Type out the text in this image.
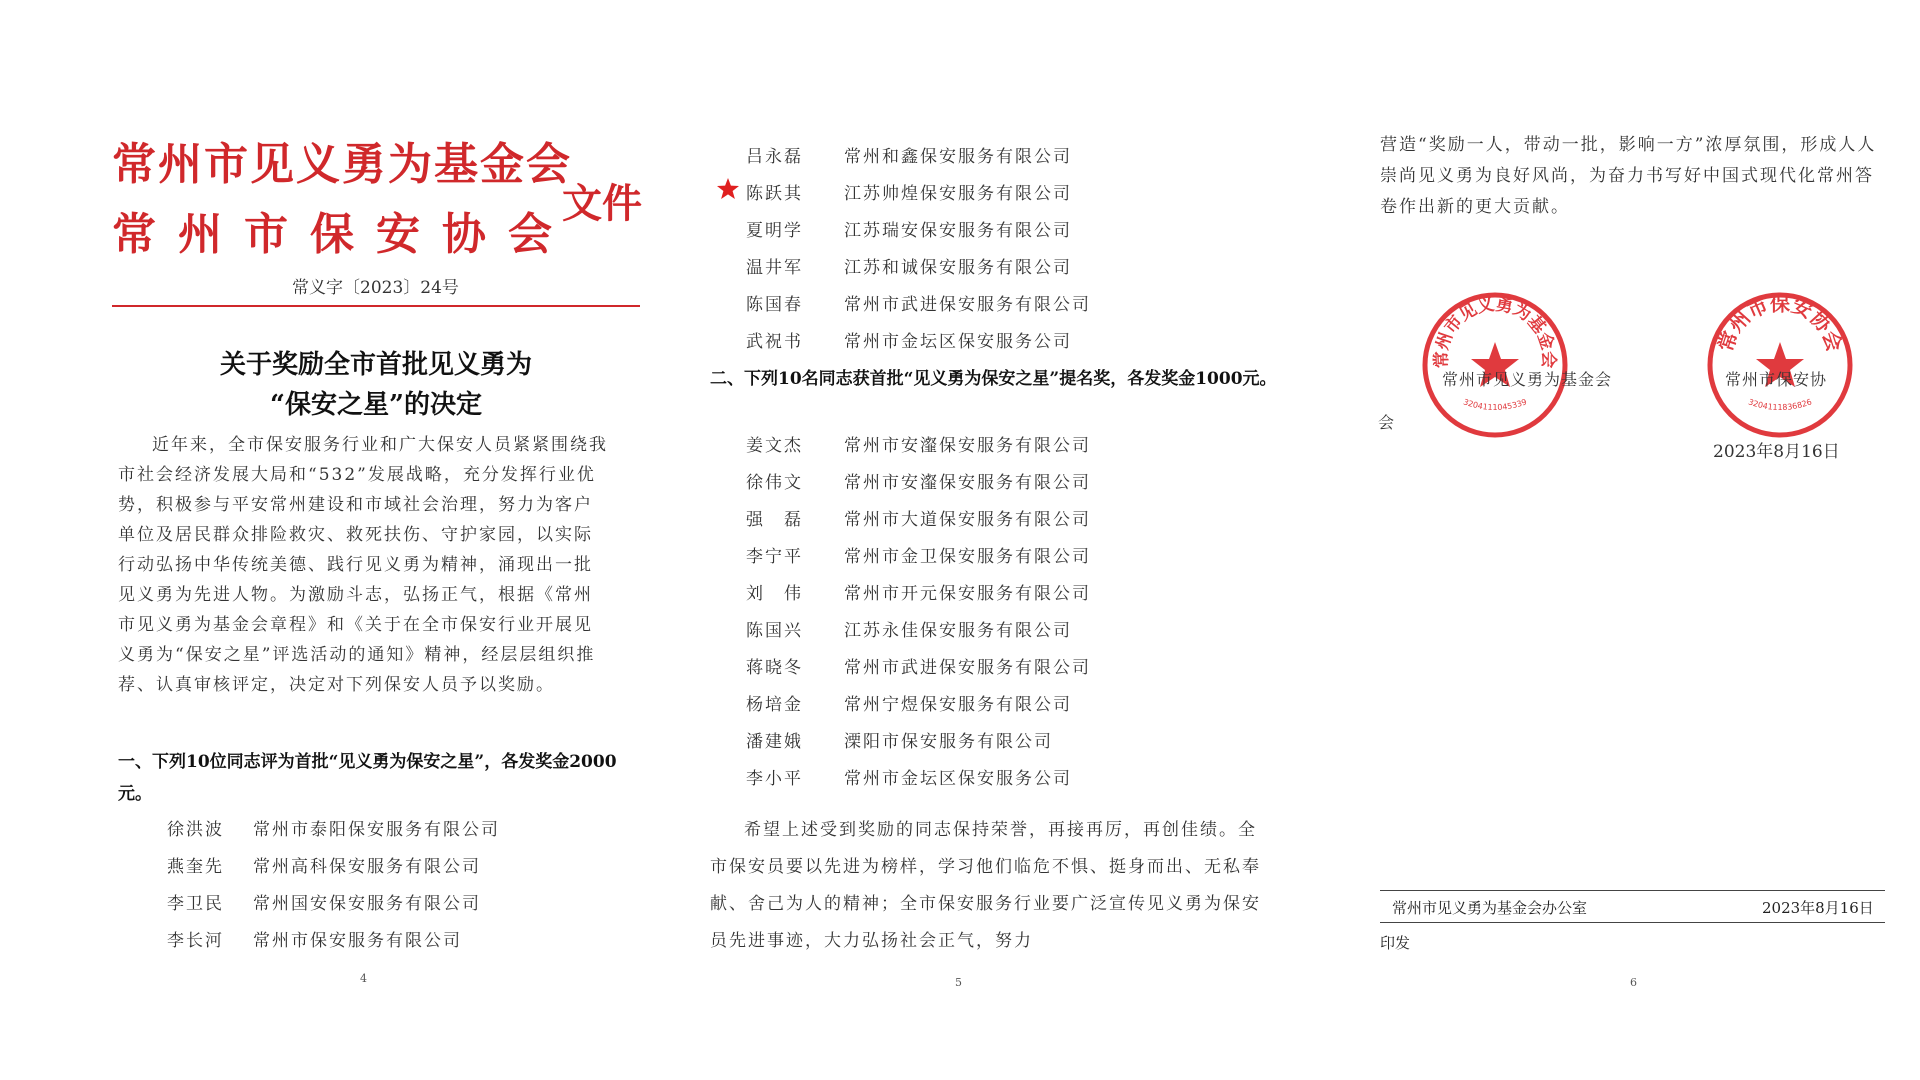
常州市见义勇为基金会
常州市保安协会
文件
常义字〔2023〕24号
关于奖励全市首批见义勇为
“保安之星”的决定

近年来，全市保安服务行业和广大保安人员紧紧围绕我市社会经济发展大局和“532”发展战略，充分发挥行业优势，积极参与平安常州建设和市域社会治理，努力为客户单位及居民群众排险救灾、救死扶伤、守护家园，以实际行动弘扬中华传统美德、践行见义勇为精神，涌现出一批见义勇为先进人物。为激励斗志，弘扬正气，根据《常州市见义勇为基金会章程》和《关于在全市保安行业开展见义勇为“保安之星”评选活动的通知》精神，经层层组织推荐、认真审核评定，决定对下列保安人员予以奖励。

一、下列10位同志评为首批“见义勇为保安之星”，各发奖金2000元。
徐洪波 常州市泰阳保安服务有限公司
燕奎先 常州高科保安服务有限公司
李卫民 常州国安保安服务有限公司
李长河 常州市保安服务有限公司
4
吕永磊 常州和鑫保安服务有限公司
陈跃其 江苏帅煌保安服务有限公司
夏明学 江苏瑞安保安服务有限公司
温井军 江苏和诚保安服务有限公司
陈国春 常州市武进保安服务有限公司
武祝书 常州市金坛区保安服务公司
二、下列10名同志获首批“见义勇为保安之星”提名奖，各发奖金1000元。
姜文杰 常州市安瀣保安服务有限公司
徐伟文 常州市安瀣保安服务有限公司
强　磊 常州市大道保安服务有限公司
李宁平 常州市金卫保安服务有限公司
刘　伟 常州市开元保安服务有限公司
陈国兴 江苏永佳保安服务有限公司
蒋晓冬 常州市武进保安服务有限公司
杨培金 常州宁煜保安服务有限公司
潘建娥 溧阳市保安服务有限公司
李小平 常州市金坛区保安服务公司

希望上述受到奖励的同志保持荣誉，再接再厉，再创佳绩。全市保安员要以先进为榜样，学习他们临危不惧、挺身而出、无私奉献、舍己为人的精神；全市保安服务行业要广泛宣传见义勇为保安员先进事迹，大力弘扬社会正气，努力

5

营造“奖励一人，带动一批，影响一方”浓厚氛围，形成人人崇尚见义勇为良好风尚，为奋力书写好中国式现代化常州答卷作出新的更大贡献。

常州市见义勇为基金会
3204111045339
常州市保安协会
3204111836826
常州市见义勇为基金会
会
常州市保安协
2023年8月16日
常州市见义勇为基金会办公室	2023年8月16日
印发
6
